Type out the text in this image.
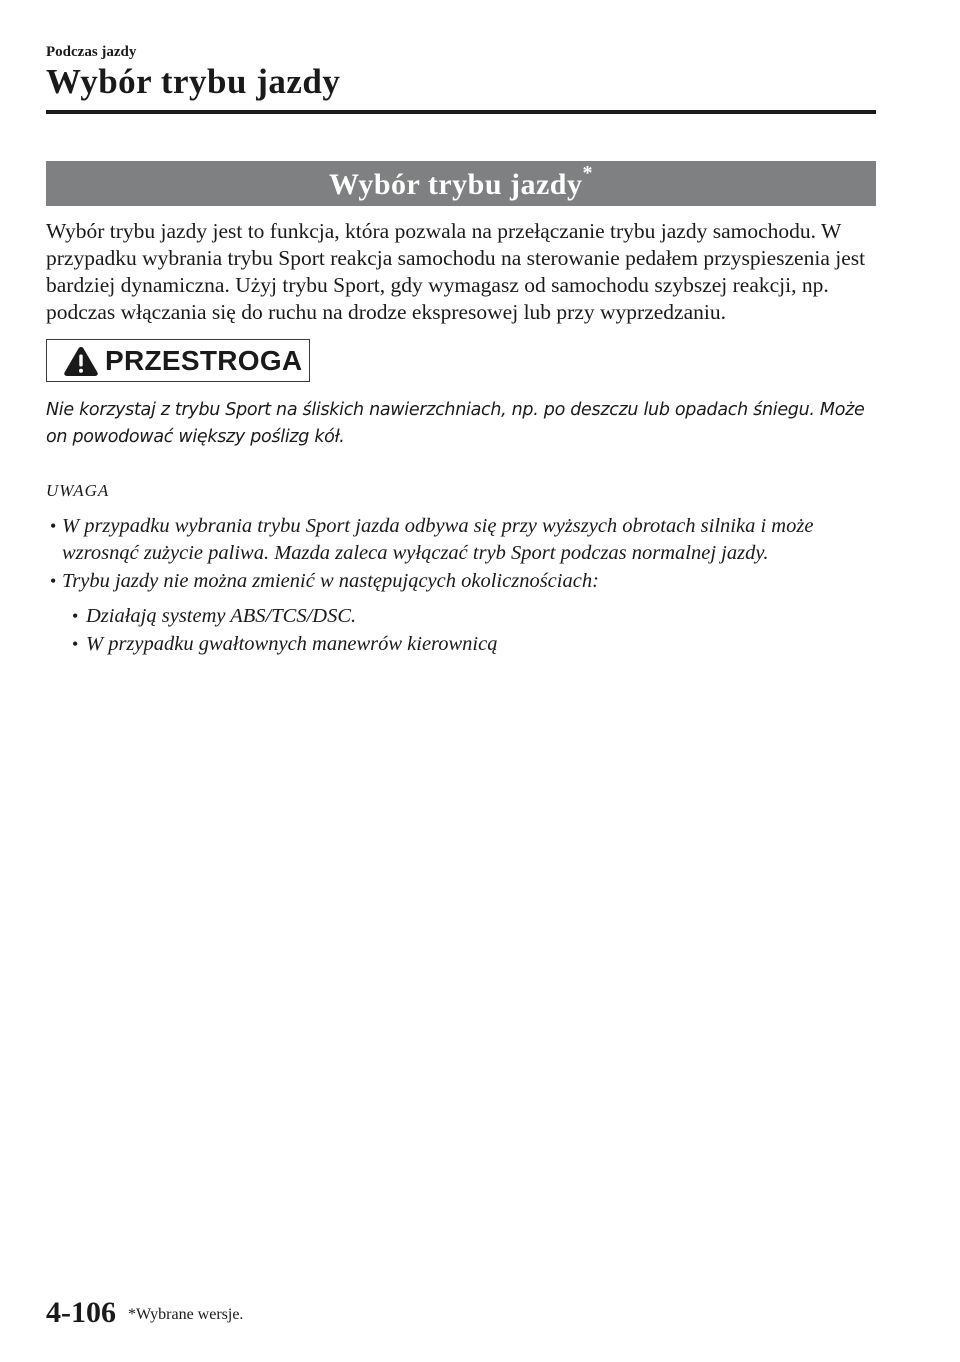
Podczas jazdy
Wybór trybu jazdy
Wybór trybu jazdy*

Wybór trybu jazdy jest to funkcja, która pozwala na przełączanie trybu jazdy samochodu. W przypadku wybrania trybu Sport reakcja samochodu na sterowanie pedałem przyspieszenia jest bardziej dynamiczna. Użyj trybu Sport, gdy wymagasz od samochodu szybszej reakcji, np. podczas włączania się do ruchu na drodze ekspresowej lub przy wyprzedzaniu.

PRZESTROGA

Nie korzystaj z trybu Sport na śliskich nawierzchniach, np. po deszczu lub opadach śniegu. Może on powodować większy poślizg kół.

UWAGA
• W przypadku wybrania trybu Sport jazda odbywa się przy wyższych obrotach silnika i może wzrosnąć zużycie paliwa. Mazda zaleca wyłączać tryb Sport podczas normalnej jazdy.
• Trybu jazdy nie można zmienić w następujących okolicznościach:
• Działają systemy ABS/TCS/DSC.
• W przypadku gwałtownych manewrów kierownicą
4-106 *Wybrane wersje.
